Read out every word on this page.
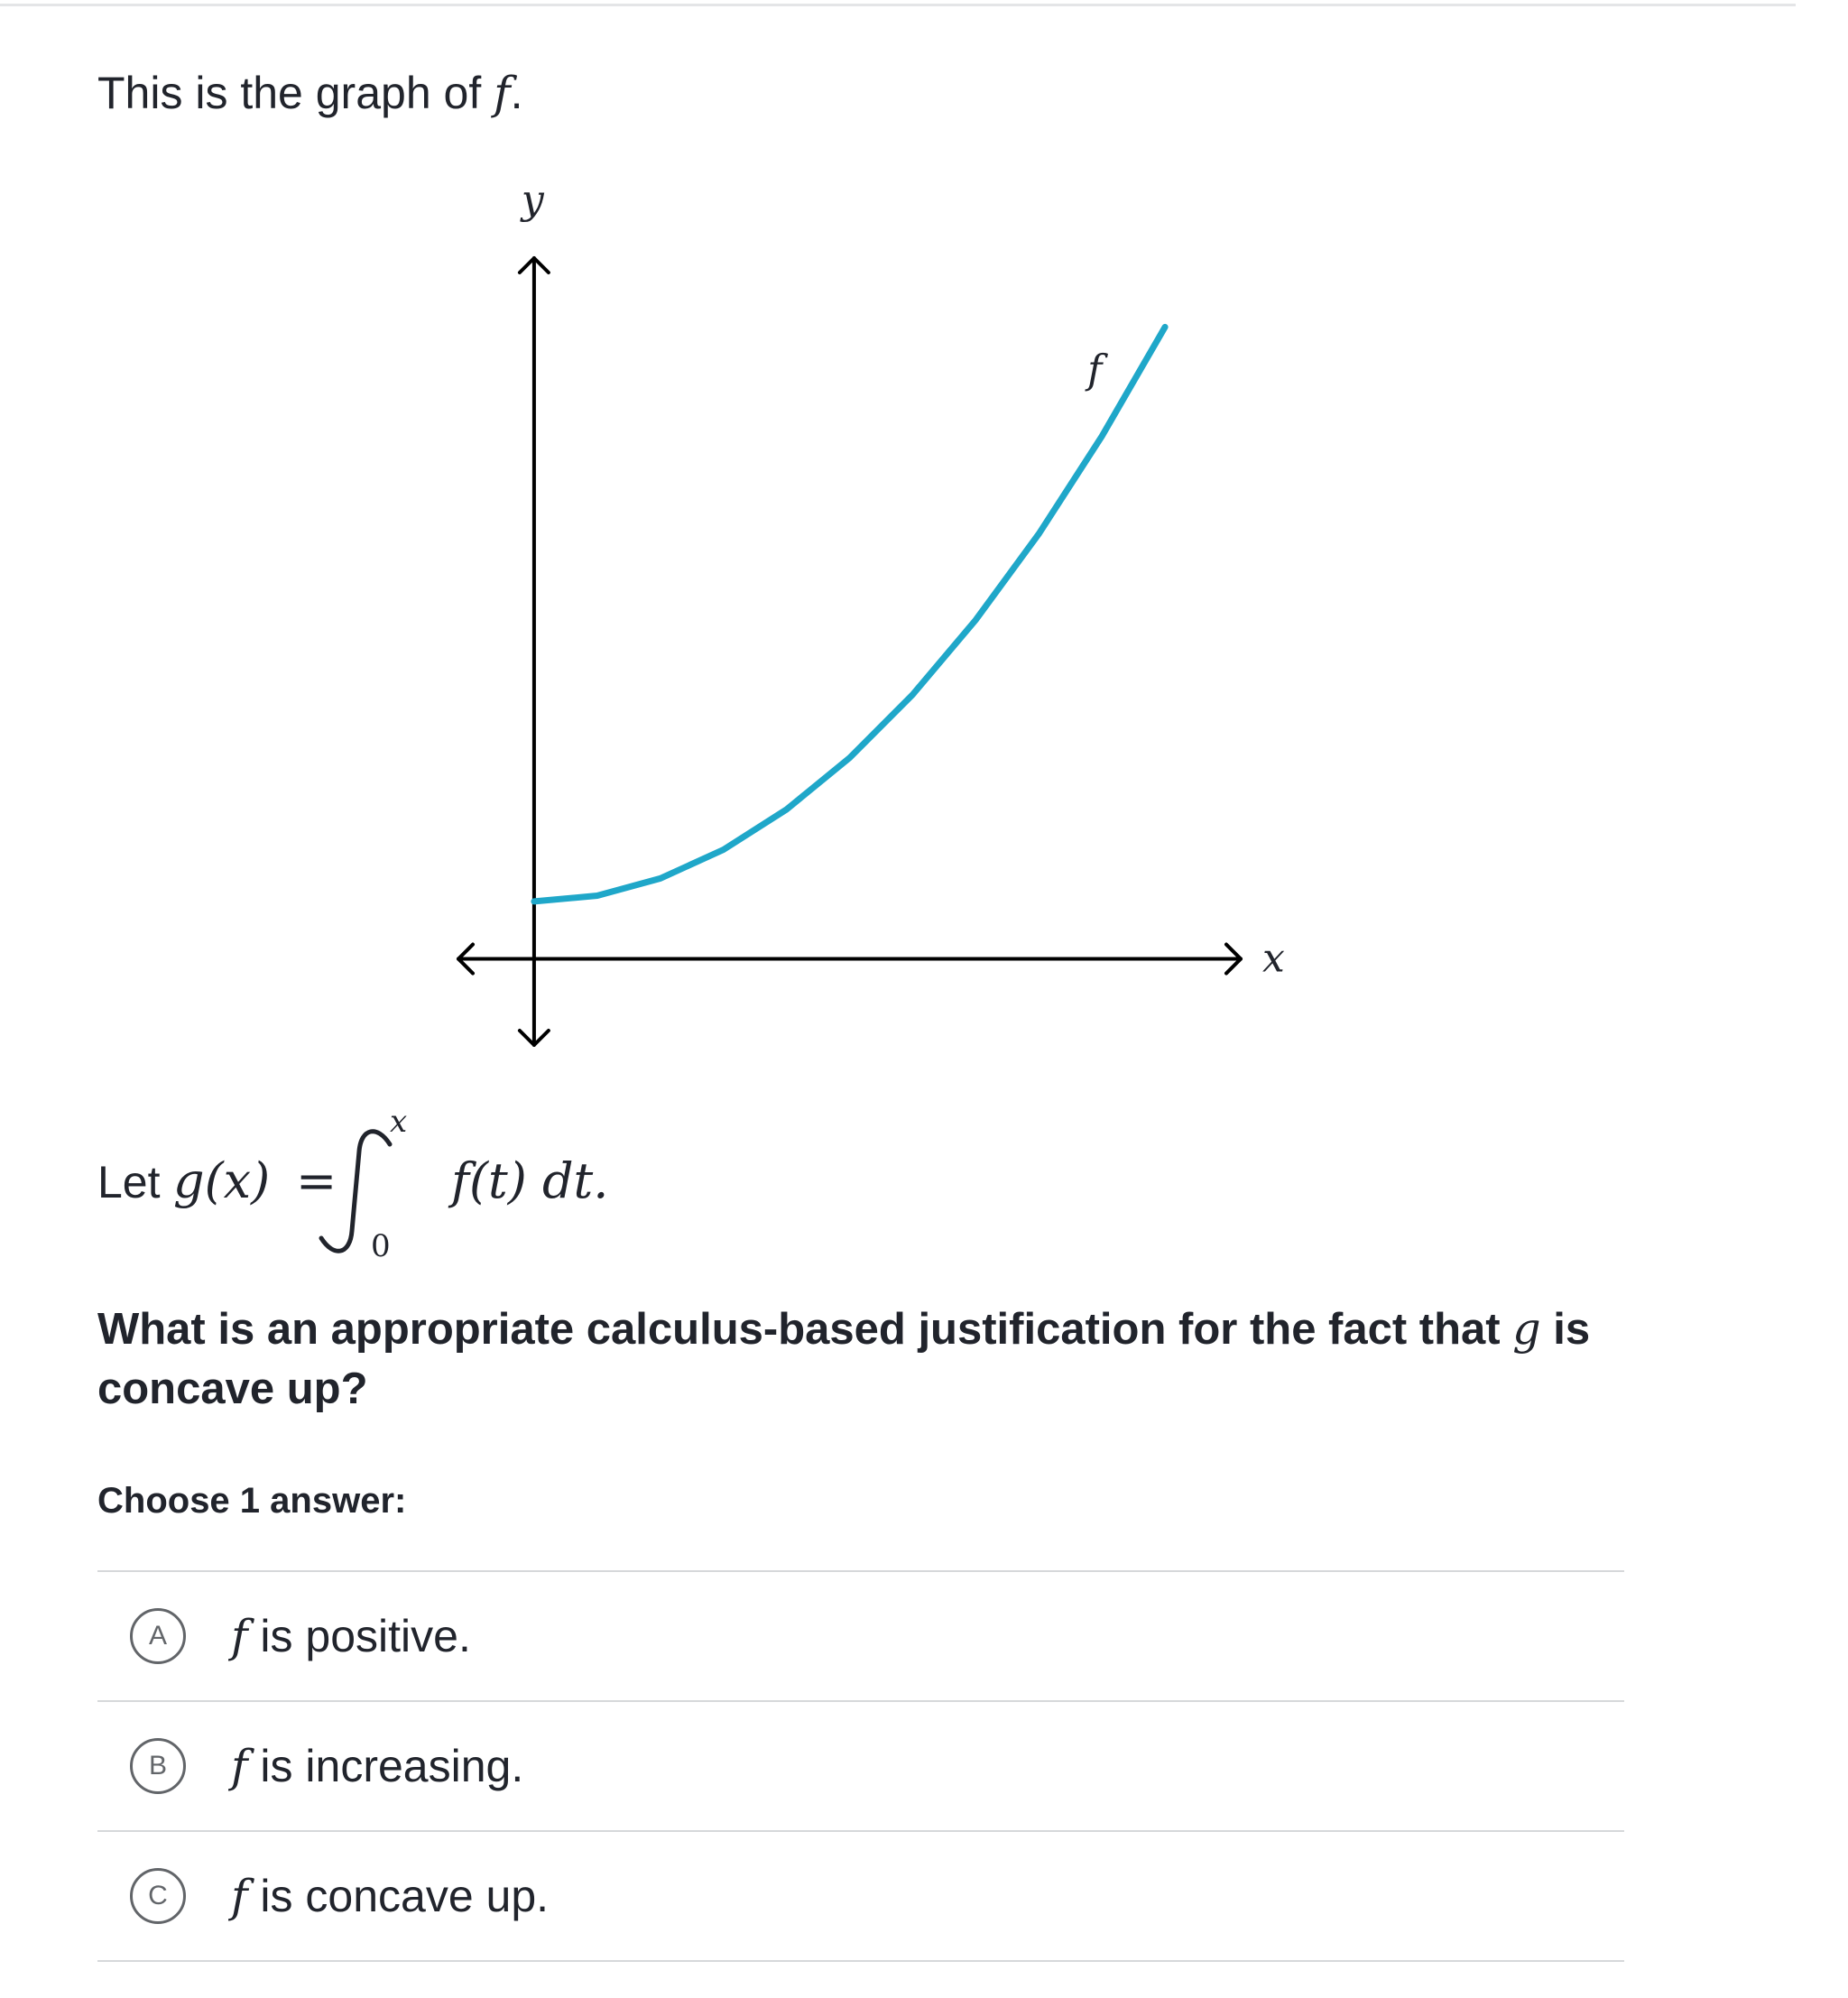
This is the graph of f.
f
x
y
Let g(x) =
x
0
f(t) dt.
What is an appropriate calculus-based justification for the fact that g is concave up?
Choose 1 answer:
A	f is positive.
B	f is increasing.
C	f is concave up.
